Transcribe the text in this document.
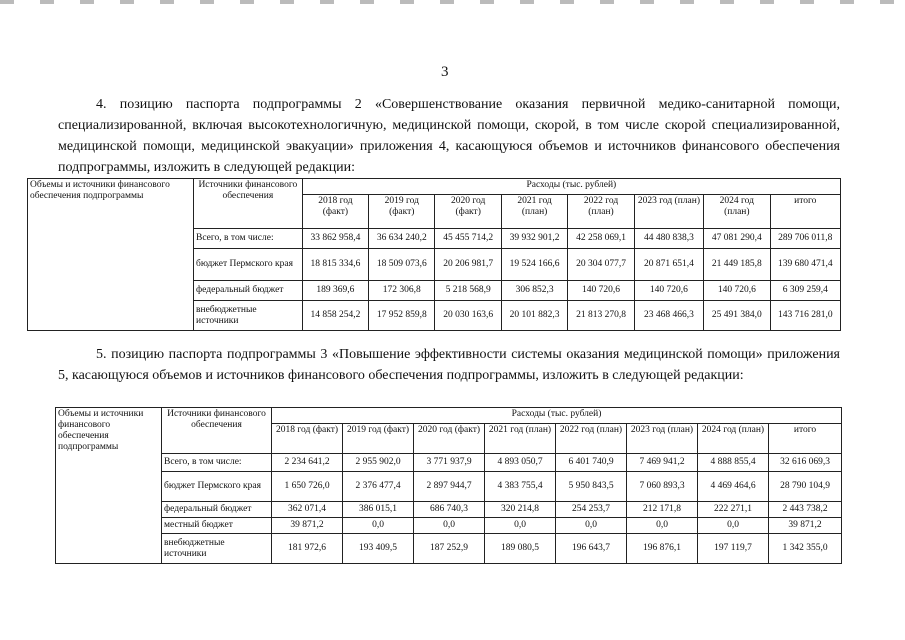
3
4. позицию паспорта подпрограммы 2 «Совершенствование оказания первичной медико-санитарной помощи, специализированной, включая высокотехнологичную, медицинской помощи, скорой, в том числе скорой специализированной, медицинской помощи, медицинской эвакуации» приложения 4, касающуюся объемов и источников финансового обеспечения подпрограммы, изложить в следующей редакции:
Объемы и источники финансового обеспечения подпрограммы	Источники финансового обеспечения	Расходы (тыс. рублей)							
		2018 год (факт)	2019 год (факт)	2020 год (факт)	2021 год (план)	2022 год (план)	2023 год (план)	2024 год (план)	итого
	Всего, в том числе:	33 862 958,4	36 634 240,2	45 455 714,2	39 932 901,2	42 258 069,1	44 480 838,3	47 081 290,4	289 706 011,8
	бюджет Пермского края	18 815 334,6	18 509 073,6	20 206 981,7	19 524 166,6	20 304 077,7	20 871 651,4	21 449 185,8	139 680 471,4
	федеральный бюджет	189 369,6	172 306,8	5 218 568,9	306 852,3	140 720,6	140 720,6	140 720,6	6 309 259,4
	внебюджетные источники	14 858 254,2	17 952 859,8	20 030 163,6	20 101 882,3	21 813 270,8	23 468 466,3	25 491 384,0	143 716 281,0
5. позицию паспорта подпрограммы 3 «Повышение эффективности системы оказания медицинской помощи» приложения 5, касающуюся объемов и источников финансового обеспечения подпрограммы, изложить в следующей редакции:
Объемы и источники финансового обеспечения подпрограммы	Источники финансового обеспечения	Расходы (тыс. рублей)							
		2018 год (факт)	2019 год (факт)	2020 год (факт)	2021 год (план)	2022 год (план)	2023 год (план)	2024 год (план)	итого
	Всего, в том числе:	2 234 641,2	2 955 902,0	3 771 937,9	4 893 050,7	6 401 740,9	7 469 941,2	4 888 855,4	32 616 069,3
	бюджет Пермского края	1 650 726,0	2 376 477,4	2 897 944,7	4 383 755,4	5 950 843,5	7 060 893,3	4 469 464,6	28 790 104,9
	федеральный бюджет	362 071,4	386 015,1	686 740,3	320 214,8	254 253,7	212 171,8	222 271,1	2 443 738,2
	местный бюджет	39 871,2	0,0	0,0	0,0	0,0	0,0	0,0	39 871,2
	внебюджетные источники	181 972,6	193 409,5	187 252,9	189 080,5	196 643,7	196 876,1	197 119,7	1 342 355,0
